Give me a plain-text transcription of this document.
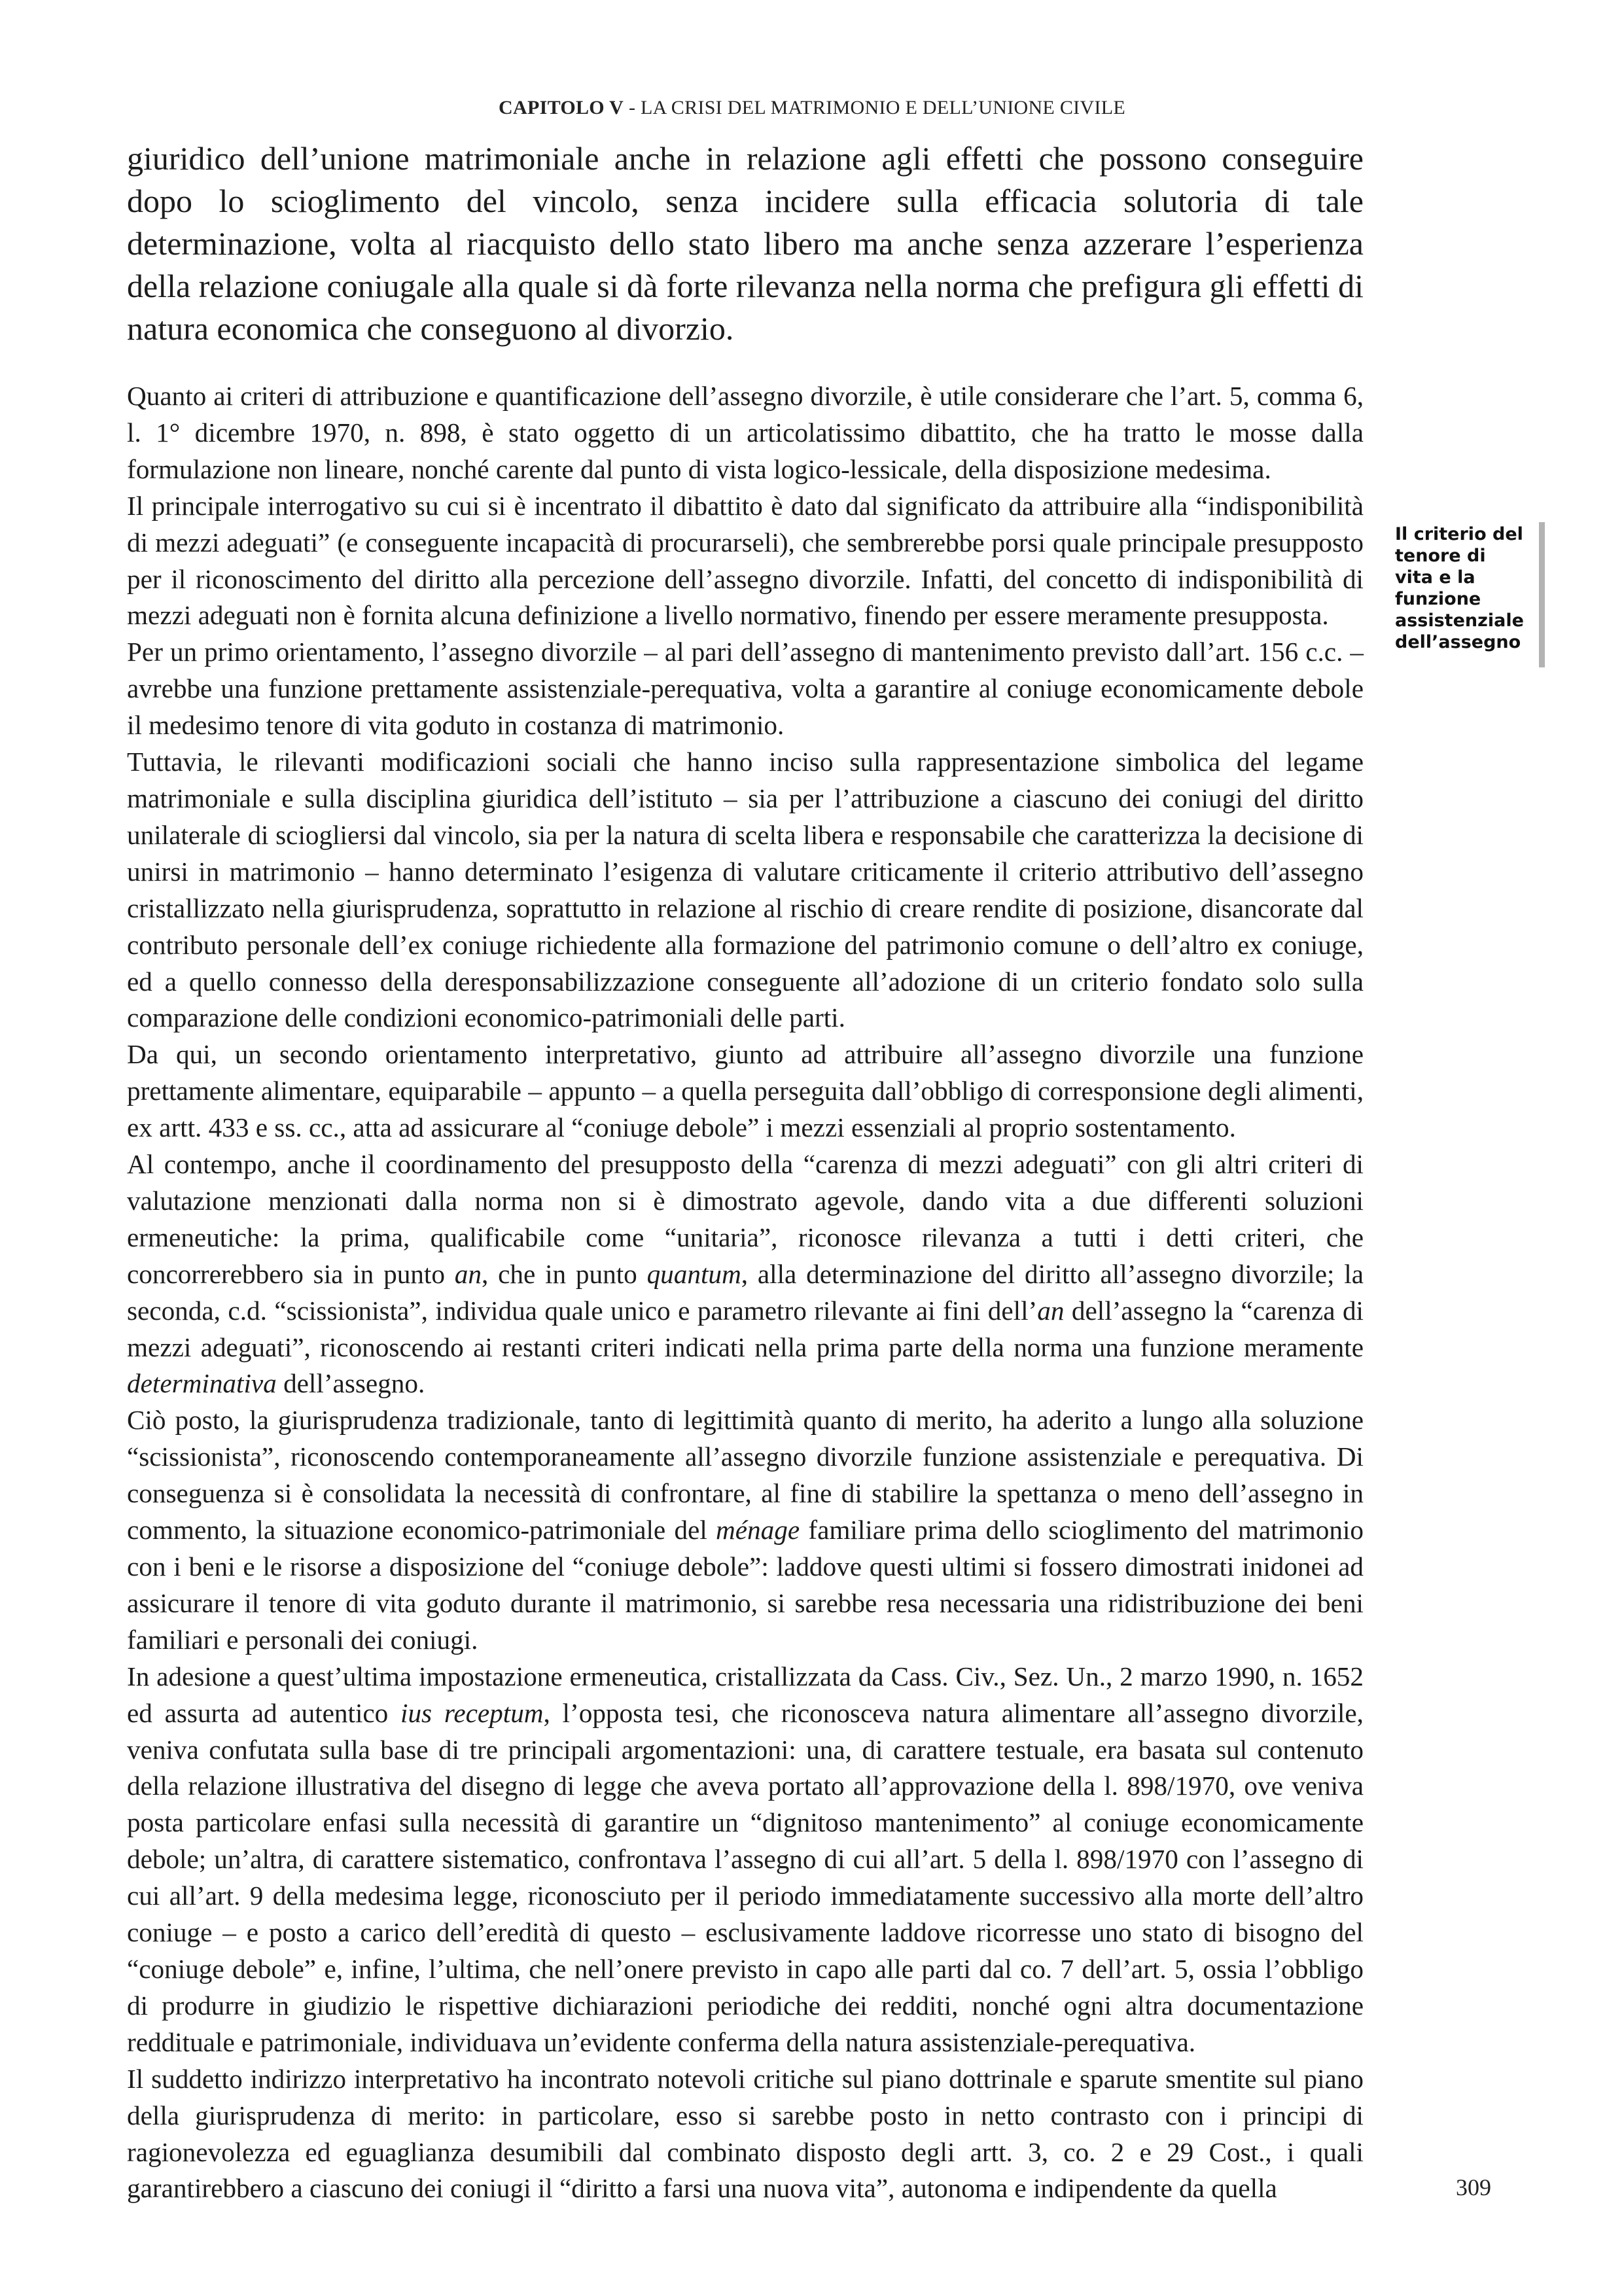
CAPITOLO V - LA CRISI DEL MATRIMONIO E DELL’UNIONE CIVILE

giuridico dell’unione matrimoniale anche in relazione agli effetti che possono conseguire dopo lo scioglimento del vincolo, senza incidere sulla efficacia solutoria di tale determinazione, volta al riacquisto dello stato libero ma anche senza azzerare l’esperienza della relazione coniugale alla quale si dà forte rilevanza nella norma che prefigura gli effetti di natura economica che conseguono al divorzio.

Quanto ai criteri di attribuzione e quantificazione dell’assegno divorzile, è utile considerare che l’art. 5, comma 6, l. 1° dicembre 1970, n. 898, è stato oggetto di un articolatissimo dibattito, che ha tratto le mosse dalla formulazione non lineare, nonché carente dal punto di vista logico-lessicale, della disposizione medesima.

Il principale interrogativo su cui si è incentrato il dibattito è dato dal significato da attribuire alla “indisponibilità di mezzi adeguati” (e conseguente incapacità di procurarseli), che sembrerebbe porsi quale principale presupposto per il riconoscimento del diritto alla percezione dell’assegno divorzile. Infatti, del concetto di indisponibilità di mezzi adeguati non è fornita alcuna definizione a livello normativo, finendo per essere meramente presupposta.

Per un primo orientamento, l’assegno divorzile – al pari dell’assegno di mantenimento previsto dall’art. 156 c.c. – avrebbe una funzione prettamente assistenziale-perequativa, volta a garantire al coniuge economicamente debole il medesimo tenore di vita goduto in costanza di matrimonio.

Tuttavia, le rilevanti modificazioni sociali che hanno inciso sulla rappresentazione simbolica del legame matrimoniale e sulla disciplina giuridica dell’istituto – sia per l’attribuzione a ciascuno dei coniugi del diritto unilaterale di sciogliersi dal vincolo, sia per la natura di scelta libera e responsabile che caratterizza la decisione di unirsi in matrimonio – hanno determinato l’esigenza di valutare criticamente il criterio attributivo dell’assegno cristallizzato nella giurisprudenza, soprattutto in relazione al rischio di creare rendite di posizione, disancorate dal contributo personale dell’ex coniuge richiedente alla formazione del patrimonio comune o dell’altro ex coniuge, ed a quello connesso della deresponsabilizzazione conseguente all’adozione di un criterio fondato solo sulla comparazione delle condizioni economico-patrimoniali delle parti.

Da qui, un secondo orientamento interpretativo, giunto ad attribuire all’assegno divorzile una funzione prettamente alimentare, equiparabile – appunto – a quella perseguita dall’obbligo di corresponsione degli alimenti, ex artt. 433 e ss. cc., atta ad assicurare al “coniuge debole” i mezzi essenziali al proprio sostentamento.

Al contempo, anche il coordinamento del presupposto della “carenza di mezzi adeguati” con gli altri criteri di valutazione menzionati dalla norma non si è dimostrato agevole, dando vita a due differenti soluzioni ermeneutiche: la prima, qualificabile come “unitaria”, riconosce rilevanza a tutti i detti criteri, che concorrerebbero sia in punto an, che in punto quantum, alla determinazione del diritto all’assegno divorzile; la seconda, c.d. “scissionista”, individua quale unico e parametro rilevante ai fini dell’an dell’assegno la “carenza di mezzi adeguati”, riconoscendo ai restanti criteri indicati nella prima parte della norma una funzione meramente determinativa dell’assegno.

Ciò posto, la giurisprudenza tradizionale, tanto di legittimità quanto di merito, ha aderito a lungo alla soluzione “scissionista”, riconoscendo contemporaneamente all’assegno divorzile funzione assistenziale e perequativa. Di conseguenza si è consolidata la necessità di confrontare, al fine di stabilire la spettanza o meno dell’assegno in commento, la situazione economico-patrimoniale del ménage familiare prima dello scioglimento del matrimonio con i beni e le risorse a disposizione del “coniuge debole”: laddove questi ultimi si fossero dimostrati inidonei ad assicurare il tenore di vita goduto durante il matrimonio, si sarebbe resa necessaria una ridistribuzione dei beni familiari e personali dei coniugi.

In adesione a quest’ultima impostazione ermeneutica, cristallizzata da Cass. Civ., Sez. Un., 2 marzo 1990, n. 1652 ed assurta ad autentico ius receptum, l’opposta tesi, che riconosceva natura alimentare all’assegno divorzile, veniva confutata sulla base di tre principali argomentazioni: una, di carattere testuale, era basata sul contenuto della relazione illustrativa del disegno di legge che aveva portato all’approvazione della l. 898/1970, ove veniva posta particolare enfasi sulla necessità di garantire un “dignitoso mantenimento” al coniuge economicamente debole; un’altra, di carattere sistematico, confrontava l’assegno di cui all’art. 5 della l. 898/1970 con l’assegno di cui all’art. 9 della medesima legge, riconosciuto per il periodo immediatamente successivo alla morte dell’altro coniuge – e posto a carico dell’eredità di questo – esclusivamente laddove ricorresse uno stato di bisogno del “coniuge debole” e, infine, l’ultima, che nell’onere previsto in capo alle parti dal co. 7 dell’art. 5, ossia l’obbligo di produrre in giudizio le rispettive dichiarazioni periodiche dei redditi, nonché ogni altra documentazione reddituale e patrimoniale, individuava un’evidente conferma della natura assistenziale-perequativa.

Il suddetto indirizzo interpretativo ha incontrato notevoli critiche sul piano dottrinale e sparute smentite sul piano della giurisprudenza di merito: in particolare, esso si sarebbe posto in netto contrasto con i principi di ragionevolezza ed eguaglianza desumibili dal combinato disposto degli artt. 3, co. 2 e 29 Cost., i quali garantirebbero a ciascuno dei coniugi il “diritto a farsi una nuova vita”, autonoma e indipendente da quella

Il criterio del
tenore di
vita e la
funzione
assistenziale
dell’assegno
309
